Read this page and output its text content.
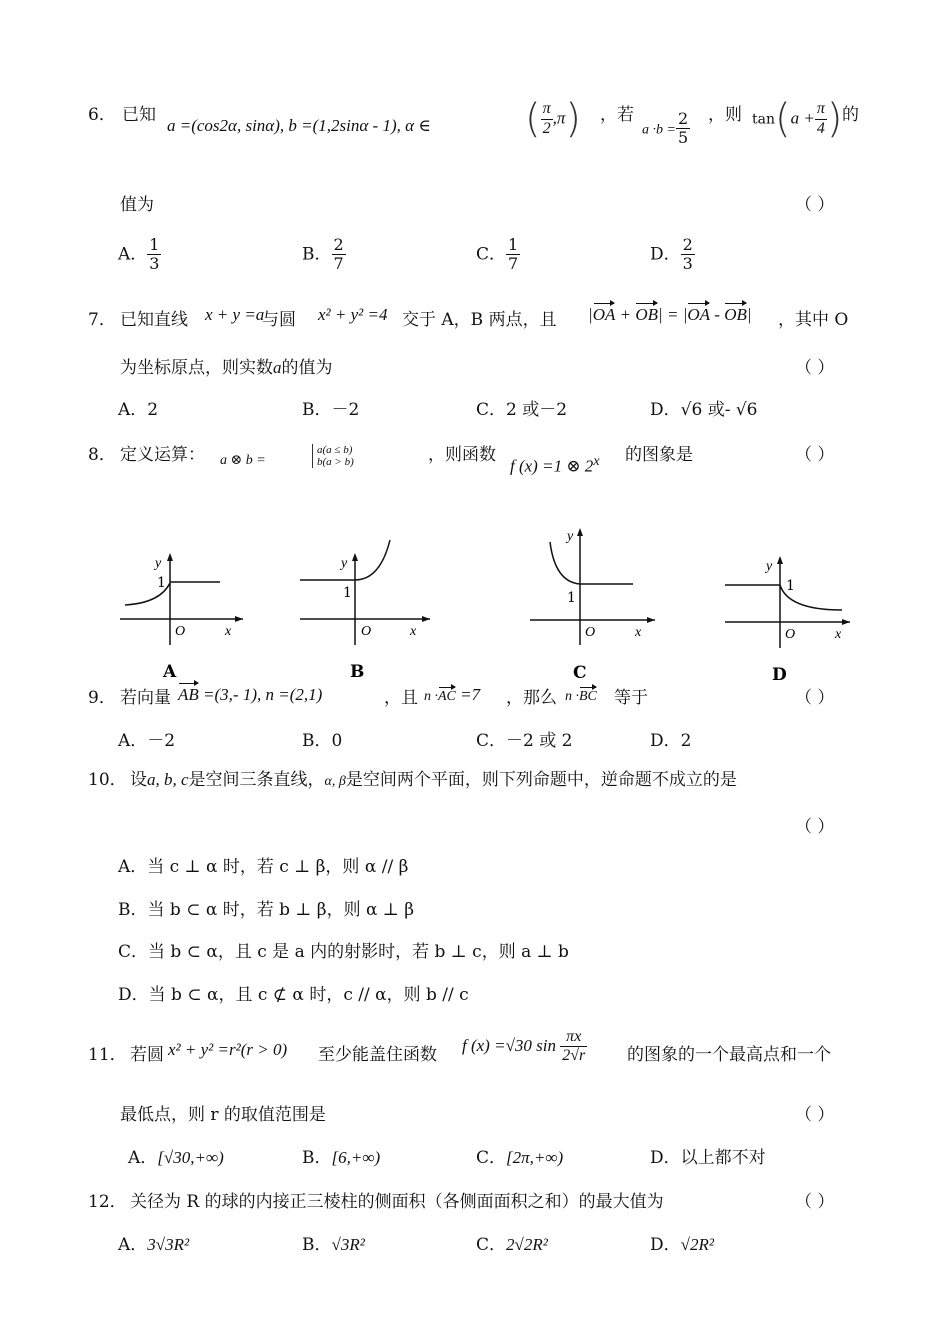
6． 已知
a =(cos2α, sinα), b =(1,2sinα - 1), α ∈ ( $\frac{\pi}{2} ,\pi$) ，若
$a \cdot b = \frac{2}{5}$ ，则 $\tan(a + \frac{\pi}{4}$ ) 的
值为	（ ）
A． $\frac{1}{3}$	B． $\frac{2}{7}$	C． $\frac{1}{7}$	D． $\frac{2}{3}$
7． 已知直线 x + y =a
与圆 x² + y² =4 交于 A，B 两点，且 |OA + OB| = |OA - OB| ，其中 O
为坐标原点，则实数a的值为	（ ）
A．2	B．－2	C．2 或－2	D．√6 或- √6
8． 定义运算： a ⊗ b =
a(a ≤ b)
b(a > b)	，则函数
f (x) =1 ⊗ 2$^x$ 的图象是	（ ）
y
1
O	x
A
y
1
O	x
B
y
1
O	x
C
y
1
O	x
D
9． 若向量 AB =(3,- 1), n =(2,1)	，且 n ·AC =7 ，那么 n ·BC 等于	（ ）
A．－2	B．0	C．－2 或 2	D．2
10． 设a, b, c是空间三条直线，α, β是空间两个平面，则下列命题中，逆命题不成立的是
（ ）
A．当 c ⊥ α 时，若 c ⊥ β，则 α // β
B．当 b ⊂ α 时，若 b ⊥ β，则 α ⊥ β
C．当 b ⊂ α，且 c 是 a 内的射影时，若 b ⊥ c，则 a ⊥ b
D．当 b ⊂ α，且 c ⊄ α 时，c // α，则 b // c
11． 若圆 x² + y² =r²(r > 0) 至少能盖住函数 f (x) =√30 $\sin \frac{\pi x}{2√r}$ 的图象的一个最高点和一个
最低点，则 r 的取值范围是	（ ）
A．[√30,+∞)	B．[6,+∞)	C．[2π,+∞)	D．以上都不对
12． 关径为 R 的球的内接正三棱柱的侧面积（各侧面面积之和）的最大值为	（ ）
A．3√3R²	B．√3R²	C．2√2R²	D．√2R²
